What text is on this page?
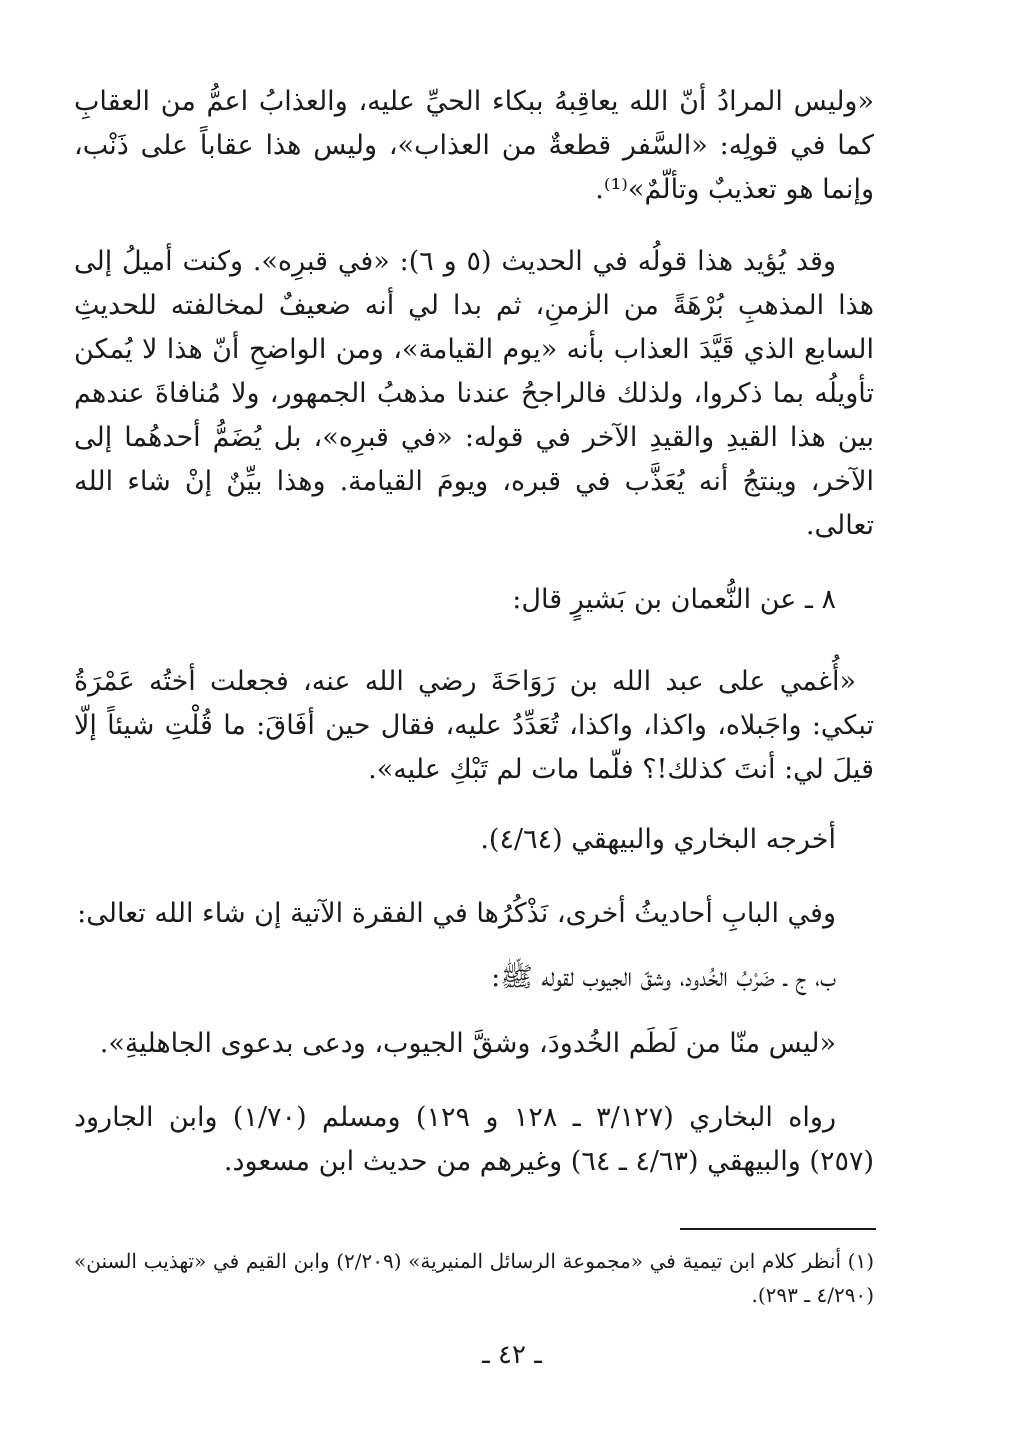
«وليس المرادُ أنّ الله يعاقِبهُ ببكاء الحيِّ عليه، والعذابُ اعمُّ من العقابِ كما في قولِه: «السَّفر قطعةٌ من العذاب»، وليس هذا عقاباً على ذَنْب، وإنما هو تعذيبٌ وتألّمٌ»⁽¹⁾.
وقد يُؤيد هذا قولُه في الحديث (٥ و ٦): «في قبرِه». وكنت أميلُ إلى هذا المذهبِ بُرْهَةً من الزمنِ، ثم بدا لي أنه ضعيفٌ لمخالفته للحديثِ السابع الذي قَيَّدَ العذاب بأنه «يوم القيامة»، ومن الواضحِ أنّ هذا لا يُمكن تأويلُه بما ذكروا، ولذلك فالراجحُ عندنا مذهبُ الجمهور، ولا مُنافاةَ عندهم بين هذا القيدِ والقيدِ الآخر في قوله: «في قبرِه»، بل يُضَمُّ أحدهُما إلى الآخر، وينتجُ أنه يُعَذَّب في قبره، ويومَ القيامة. وهذا بيِّنٌ إنْ شاء الله تعالى.
٨ ـ عن النُّعمان بن بَشيرٍ قال:
«أُغمي على عبد الله بن رَوَاحَةَ رضي الله عنه، فجعلت أختُه عَمْرَةُ تبكي: واجَبلاه، واكذا، واكذا، تُعَدِّدُ عليه، فقال حين أفَاقَ: ما قُلْتِ شيئاً إلّا قيلَ لي: أنتَ كذلك!؟ فلّما مات لم تَبْكِ عليه».
أخرجه البخاري والبيهقي (٤/٦٤).
وفي البابِ أحاديثُ أخرى، نَذْكُرُها في الفقرة الآتية إن شاء الله تعالى:
ب، ج ـ ضَرْبُ الخُدود، وشقّ الجيوب لقوله ﷺ:
«ليس منّا من لَطَم الخُدودَ، وشقَّ الجيوب، ودعى بدعوى الجاهليةِ».
رواه البخاري (٣/١٢٧ ـ ١٢٨ و ١٢٩) ومسلم (١/٧٠) وابن الجارود (٢٥٧) والبيهقي (٤/٦٣ ـ ٦٤) وغيرهم من حديث ابن مسعود.
(١) أنظر كلام ابن تيمية في «مجموعة الرسائل المنيرية» (٢/٢٠٩) وابن القيم في «تهذيب السنن» (٤/٢٩٠ ـ ٢٩٣).
ـ ٤٢ ـ
